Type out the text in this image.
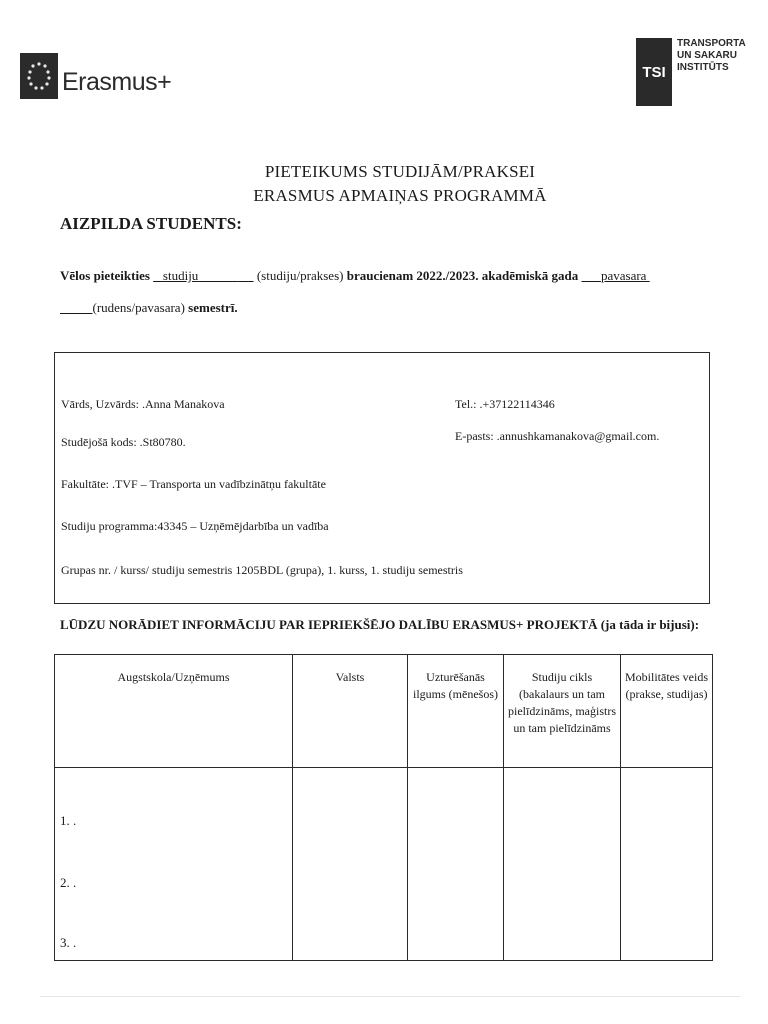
Erasmus+	TSI
TRANSPORTA
UN SAKARU
INSTITŪTS
PIETEIKUMS STUDIJĀM/PRAKSEI
ERASMUS APMAIŅAS PROGRAMMĀ
AIZPILDA STUDENTS:
Vēlos pieteikties studiju	(studiju/prakses) braucienam 2022./2023. akadēmiskā gada pavasara
(rudens/pavasara) semestrī.
Vārds, Uzvārds: .Anna Manakova	Tel.: .+37122114346
Studējošā kods: .St80780.	E-pasts: .annushkamanakova@gmail.com.
Fakultāte: .TVF – Transporta un vadībzinātņu fakultāte
Studiju programma:43345 – Uzņēmējdarbība un vadība
Grupas nr. / kurss/ studiju semestris 1205BDL (grupa), 1. kurss, 1. studiju semestris
LŪDZU NORĀDIET INFORMĀCIJU PAR IEPRIEKŠĒJO DALĪBU ERASMUS+ PROJEKTĀ (ja tāda ir bijusi):
Augstskola/Uzņēmums	Valsts	Uzturēšanās ilgums (mēnešos)	Studiju cikls (bakalaurs un tam pielīdzināms, maģistrs un tam pielīdzināms	Mobilitātes veids (prakse, studijas)

1. .
2. .
3. .				
